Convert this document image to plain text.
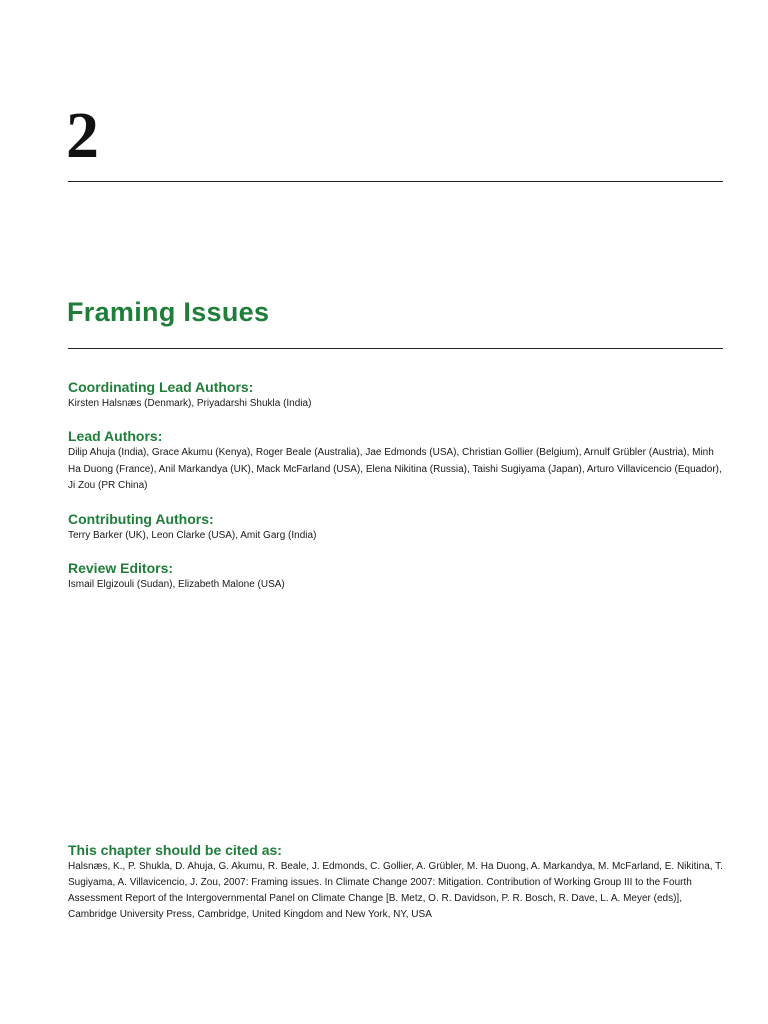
2
Framing Issues
Coordinating Lead Authors:

Kirsten Halsnæs (Denmark), Priyadarshi Shukla (India)

Lead Authors:

Dilip Ahuja (India), Grace Akumu (Kenya), Roger Beale (Australia), Jae Edmonds (USA), Christian Gollier (Belgium), Arnulf Grübler (Austria), Minh Ha Duong (France), Anil Markandya (UK), Mack McFarland (USA), Elena Nikitina (Russia), Taishi Sugiyama (Japan), Arturo Villavicencio (Equador), Ji Zou (PR China)

Contributing Authors:

Terry Barker (UK), Leon Clarke (USA), Amit Garg (India)

Review Editors:

Ismail Elgizouli (Sudan), Elizabeth Malone (USA)

This chapter should be cited as:

Halsnæs, K., P. Shukla, D. Ahuja, G. Akumu, R. Beale, J. Edmonds, C. Gollier, A. Grübler, M. Ha Duong, A. Markandya, M. McFarland, E. Nikitina, T. Sugiyama, A. Villavicencio, J. Zou, 2007: Framing issues. In Climate Change 2007: Mitigation. Contribution of Working Group III to the Fourth Assessment Report of the Intergovernmental Panel on Climate Change [B. Metz, O. R. Davidson, P. R. Bosch, R. Dave, L. A. Meyer (eds)], Cambridge University Press, Cambridge, United Kingdom and New York, NY, USA
